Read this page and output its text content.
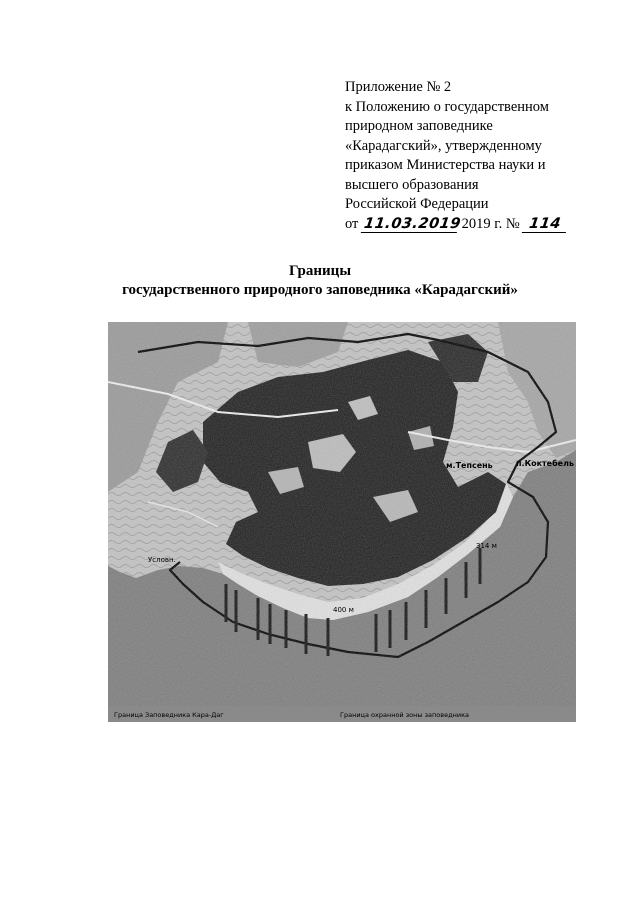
Приложение № 2
к Положению о государственном
природном заповеднике
«Карадагский», утвержденному
приказом Министерства науки и
высшего образования
Российской Федерации
от 11.03.2019 2019 г. № 114
Границы
государственного природного заповедника «Карадагский»
м.Тепсень	п.Коктебель
314 м
400 м
Условн.
Граница Заповедника Кара-Даг	Граница охранной зоны заповедника
